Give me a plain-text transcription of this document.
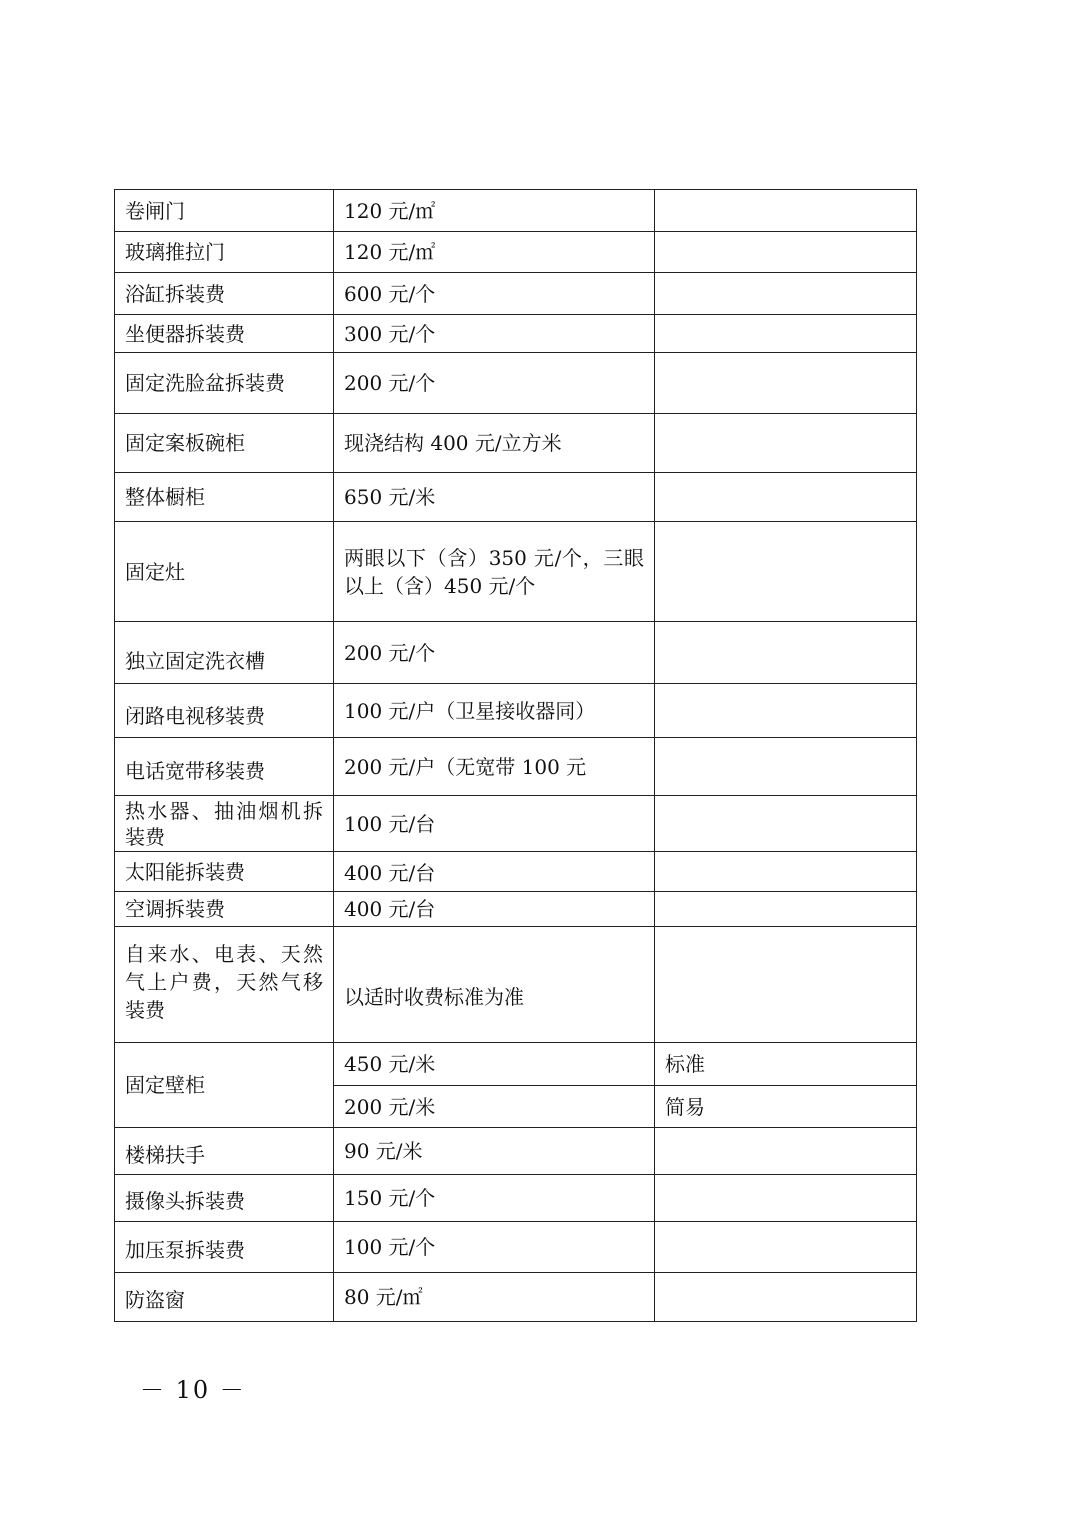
卷闸门	120 元/㎡	
玻璃推拉门	120 元/㎡	
浴缸拆装费	600 元/个	
坐便器拆装费	300 元/个	
固定洗脸盆拆装费	200 元/个	
固定案板碗柜	现浇结构 400 元/立方米	
整体橱柜	650 元/米	
固定灶	两眼以下（含）350 元/个，三眼以上（含）450 元/个	
独立固定洗衣槽	200 元/个	
闭路电视移装费	100 元/户（卫星接收器同）	
电话宽带移装费	200 元/户（无宽带 100 元	
热水器、抽油烟机拆装费	100 元/台	
太阳能拆装费	400 元/台	
空调拆装费	400 元/台	
自来水、电表、天然气上户费，天然气移装费	以适时收费标准为准	
固定壁柜	450 元/米	标准
	200 元/米	简易
楼梯扶手	90 元/米	
摄像头拆装费	150 元/个	
加压泵拆装费	100 元/个	
防盗窗	80 元/㎡	
－ 10 －
